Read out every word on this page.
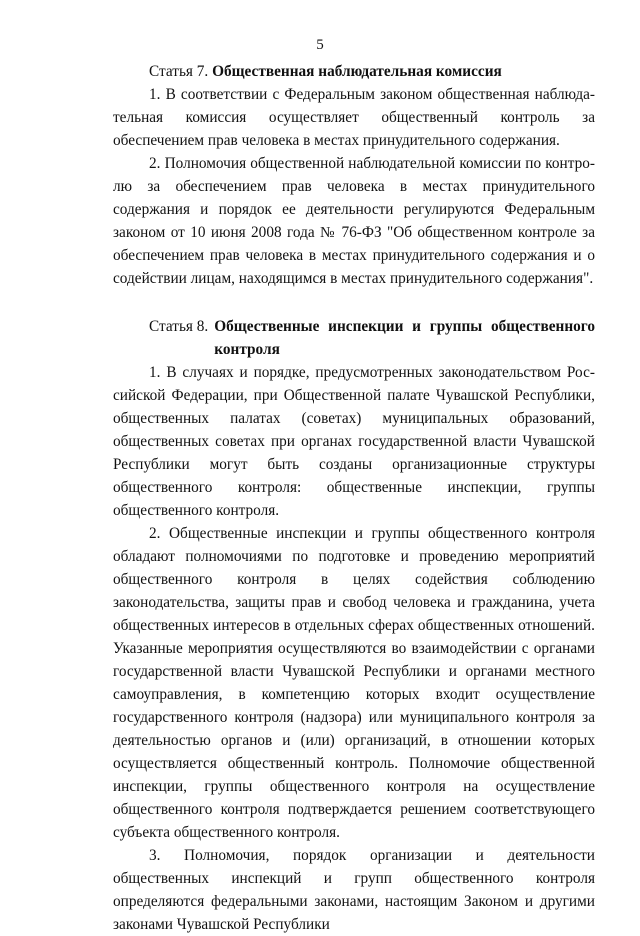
5

Статья 7. Общественная наблюдательная комиссия

1. В соответствии с Федеральным законом общественная наблюдательная комиссия осуществляет общественный контроль за обеспечением прав человека в местах принудительного содержания.

2. Полномочия общественной наблюдательной комиссии по контролю за обеспечением прав человека в местах принудительного содержания и порядок ее деятельности регулируются Федеральным законом от 10 июня 2008 года № 76-ФЗ "Об общественном контроле за обеспечением прав человека в местах принудительного содержания и о содействии лицам, находящимся в местах принудительного содержания".

Статья 8. Общественные инспекции и группы общественного контроля

1. В случаях и порядке, предусмотренных законодательством Российской Федерации, при Общественной палате Чувашской Республики, общественных палатах (советах) муниципальных образований, общественных советах при органах государственной власти Чувашской Республики могут быть созданы организационные структуры общественного контроля: общественные инспекции, группы общественного контроля.

2. Общественные инспекции и группы общественного контроля обладают полномочиями по подготовке и проведению мероприятий общественного контроля в целях содействия соблюдению законодательства, защиты прав и свобод человека и гражданина, учета общественных интересов в отдельных сферах общественных отношений. Указанные мероприятия осуществляются во взаимодействии с органами государственной власти Чувашской Республики и органами местного самоуправления, в компетенцию которых входит осуществление государственного контроля (надзора) или муниципального контроля за деятельностью органов и (или) организаций, в отношении которых осуществляется общественный контроль. Полномочие общественной инспекции, группы общественного контроля на осуществление общественного контроля подтверждается решением соответствующего субъекта общественного контроля.

3. Полномочия, порядок организации и деятельности общественных инспекций и групп общественного контроля определяются федеральными законами, настоящим Законом и другими законами Чувашской Республики
